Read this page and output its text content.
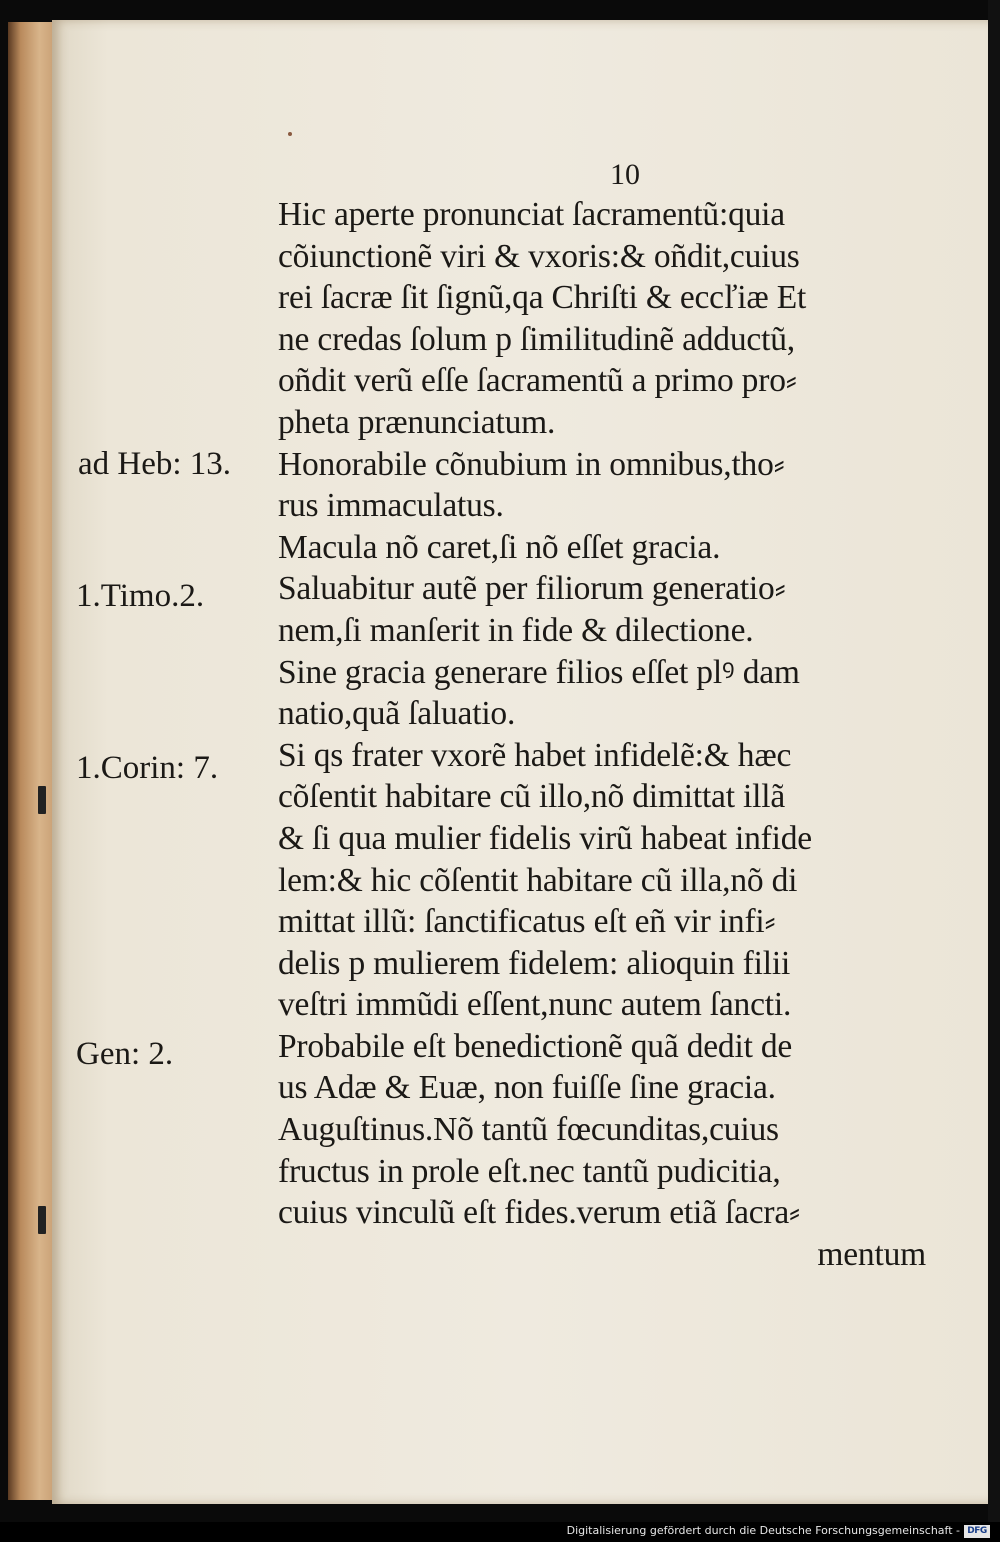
10
ad Heb: 13.
1.Timo.2.
1.Corin: 7.
Gen: 2.
Hic aperte pronunciat ſacramentũ:quia
cõiunctionẽ viri & vxoris:& oñdit,cuius
rei ſacræ ſit ſignũ,qa Chriſti & eccľiæ Et
ne credas ſolum p ſimilitudinẽ adductũ,
oñdit verũ eſſe ſacramentũ a primo pro⸗
pheta prænunciatum.
Honorabile cõnubium in omnibus,tho⸗
rus immaculatus.
Macula nõ caret,ſi nõ eſſet gracia.
Saluabitur autẽ per filiorum generatio⸗
nem,ſi manſerit in fide & dilectione.
Sine gracia generare filios eſſet plꝰ dam
natio,quã ſaluatio.
Si qs frater vxorẽ habet infidelẽ:& hæc
cõſentit habitare cũ illo,nõ dimittat illã
& ſi qua mulier fidelis virũ habeat infide
lem:& hic cõſentit habitare cũ illa,nõ di
mittat illũ: ſanctificatus eſt eñ vir infi⸗
delis p mulierem fidelem: alioquin filii
veſtri immũdi eſſent,nunc autem ſancti.
Probabile eſt benedictionẽ quã dedit de
us Adæ & Euæ, non fuiſſe ſine gracia.
Auguſtinus.Nõ tantũ fœcunditas,cuius
fructus in prole eſt.nec tantũ pudicitia,
cuius vinculũ eſt fides.verum etiã ſacra⸗
mentum
Digitalisierung gefördert durch die Deutsche Forschungsgemeinschaft - DFG
